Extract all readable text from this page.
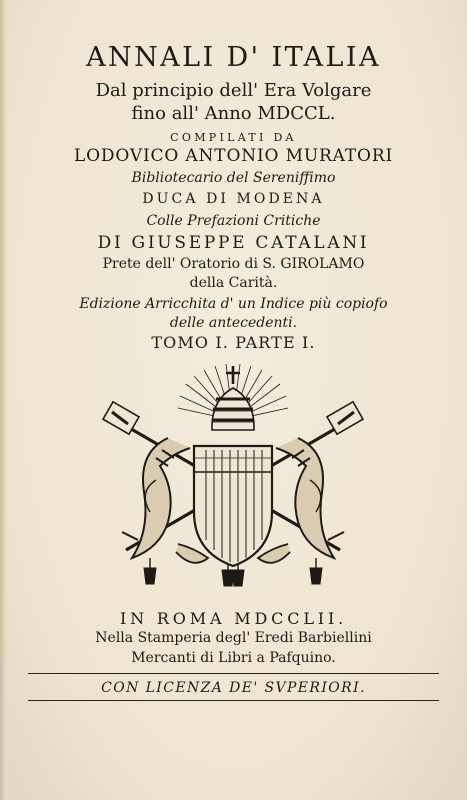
ANNALI D' ITALIA
Dal principio dell' Era Volgare
fino all' Anno MDCCL.
COMPILATI DA
LODOVICO ANTONIO MURATORI
Bibliotecario del Sereniffimo
DUCA DI MODENA
Colle Prefazioni Critiche
DI GIUSEPPE CATALANI
Prete dell' Oratorio di S. GIROLAMO
della Carità.
Edizione Arricchita d' un Indice più copiofo
delle antecedenti.
TOMO I. PARTE I.
IN ROMA MDCCLII.
Nella Stamperia degl' Eredi Barbiellini
Mercanti di Libri a Pafquino.
CON LICENZA DE' SVPERIORI.
